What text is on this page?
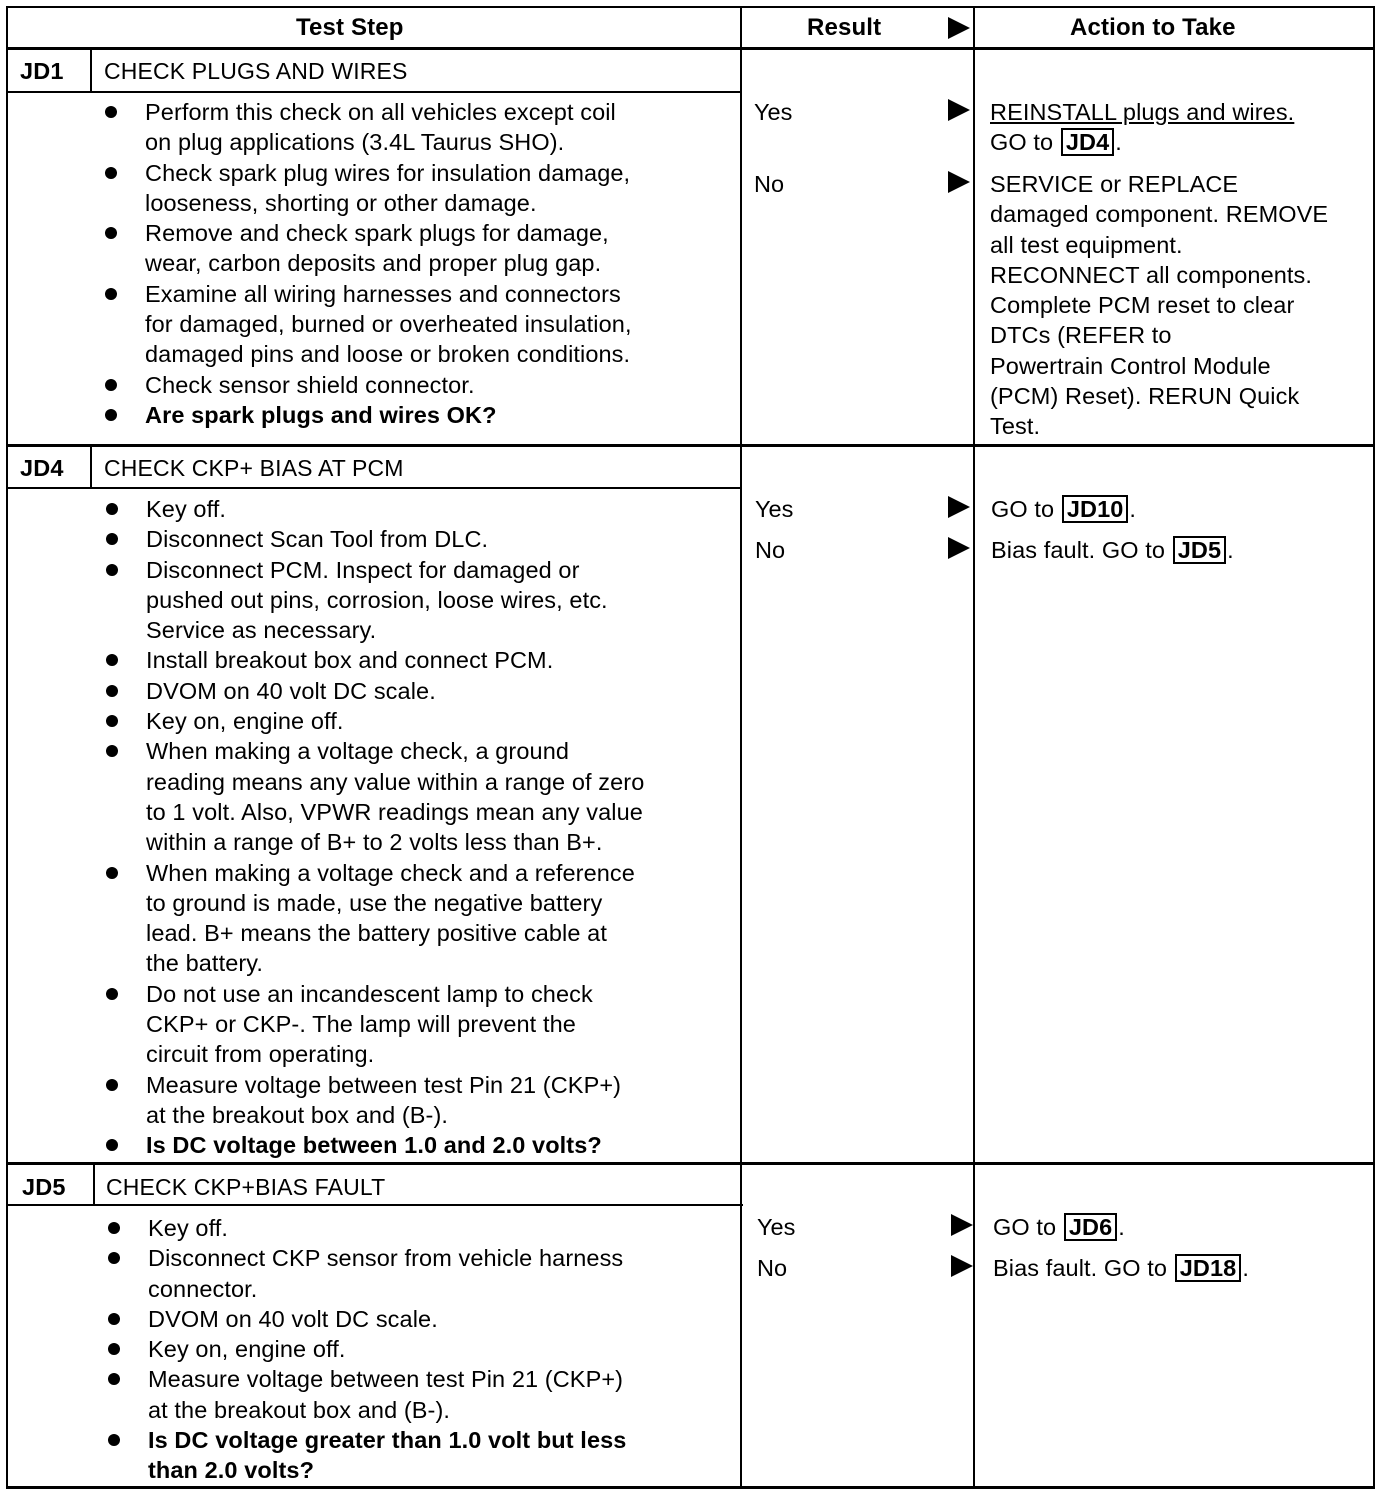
Test Step	Result	Action to Take
JD1 CHECK PLUGS AND WIRES
Perform this check on all vehicles except coil
on plug applications (3.4L Taurus SHO).
Check spark plug wires for insulation damage,
looseness, shorting or other damage.
Remove and check spark plugs for damage,
wear, carbon deposits and proper plug gap.
Examine all wiring harnesses and connectors
for damaged, burned or overheated insulation,
damaged pins and loose or broken conditions.
Check sensor shield connector.
Are spark plugs and wires OK?
Yes	REINSTALL plugs and wires.
GO to JD4 .
No	SERVICE or REPLACE
damaged component. REMOVE
all test equipment.
RECONNECT all components.
Complete PCM reset to clear
DTCs (REFER to
Powertrain Control Module
(PCM) Reset). RERUN Quick
Test.
JD4 CHECK CKP+ BIAS AT PCM
Key off.
Disconnect Scan Tool from DLC.
Disconnect PCM. Inspect for damaged or
pushed out pins, corrosion, loose wires, etc.
Service as necessary.
Install breakout box and connect PCM.
DVOM on 40 volt DC scale.
Key on, engine off.
When making a voltage check, a ground
reading means any value within a range of zero
to 1 volt. Also, VPWR readings mean any value
within a range of B+ to 2 volts less than B+.
When making a voltage check and a reference
to ground is made, use the negative battery
lead. B+ means the battery positive cable at
the battery.
Do not use an incandescent lamp to check
CKP+ or CKP-. The lamp will prevent the
circuit from operating.
Measure voltage between test Pin 21 (CKP+)
at the breakout box and (B-).
Is DC voltage between 1.0 and 2.0 volts?
Yes	GO to JD10 .
No	Bias fault. GO to JD5 .
JD5 CHECK CKP+BIAS FAULT
Key off.
Disconnect CKP sensor from vehicle harness
connector.
DVOM on 40 volt DC scale.
Key on, engine off.
Measure voltage between test Pin 21 (CKP+)
at the breakout box and (B-).
Is DC voltage greater than 1.0 volt but less
than 2.0 volts?
Yes	GO to JD6 .
No	Bias fault. GO to JD18 .
